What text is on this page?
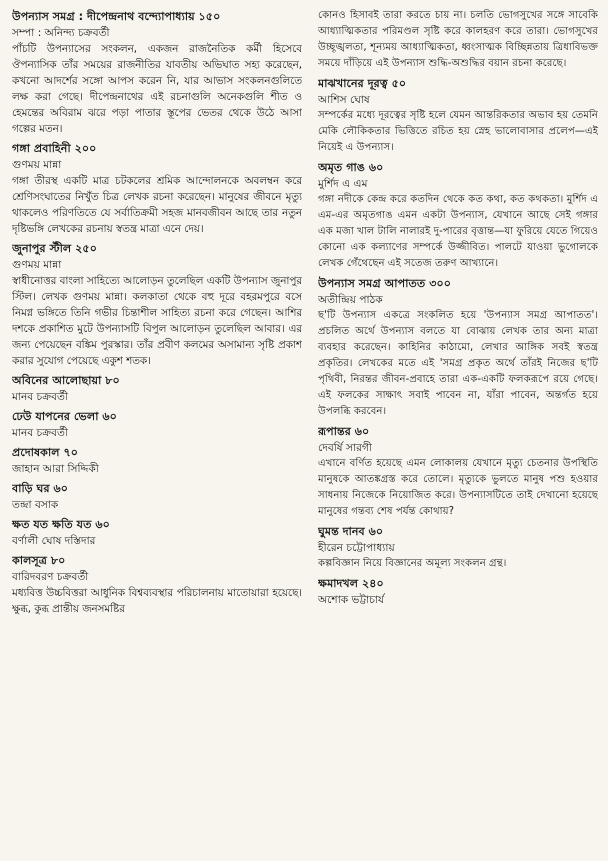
উপন্যাস সমগ্র : দীপেন্দ্রনাথ বন্দ্যোপাধ্যায় ১৫০

সম্পা : অনিন্দ্য চক্রবর্তী

পাঁচটি উপন্যাসের সংকলন, একজন রাজনৈতিক কর্মী হিসেবে ঔপন্যাসিক তাঁর সময়ের রাজনীতির যাবতীয় অভিঘাত সহ্য করেছেন, কখনো আদর্শের সঙ্গো আপস করেন নি, যার আভাস সংকলনগুলিতে লক্ষ করা গেছে। দীপেন্দ্রনাথের এই রচনাগুলি অনেকগুলি শীত ও হেমন্তের অবিরাম ঝরে পড়া পাতার স্তূপের ভেতর থেকে উঠে আসা গল্পের মতন।

গঙ্গা প্রবাহিনী ২০০

গুণময় মান্না

গঙ্গা তীরস্থ একটি মাত্র চটকলের শ্রমিক আন্দোলনকে অবলম্বন করে শ্রেণিসংঘাতের নিখুঁত চিত্র লেখক রচনা করেছেন। মানুষের জীবনে মৃত্যু থাকলেও পরিণতিতে যে সর্বাতিক্রমী সহজ মানবজীবন আছে তার নতুন দৃষ্টিভঙ্গি লেখকের রচনায় স্বতন্ত্র মাত্রা এনে দেয়।

জুনাপুর স্টীল ২৫০

গুণময় মান্না

স্বাধীনোত্তর বাংলা সাহিত্যে আলোড়ন তুলেছিল একটি উপন্যাস জুনাপুর স্টিল। লেখক গুণময় মান্না। কলকাতা থেকে বহু দূরে বহরমপুরে বসে নিমগ্ন ভঙ্গিতে তিনি গভীর চিন্তাশীল সাহিত্য রচনা করে গেছেন। আশির দশকে প্রকাশিত মুটে উপন্যাসটি বিপুল আলোড়ন তুলেছিল আবার। এর জন্য পেয়েছেন বঙ্কিম পুরস্কার। তাঁর প্রবীণ কলমের অসামান্য সৃষ্টি প্রকাশ করার সুযোগ পেয়েছে একুশ শতক।

অবিনের আলোছায়া ৮০

মানব চক্রবর্তী

ঢেউ যাপনের ভেলা ৬০

মানব চক্রবর্তী

প্রদোষকাল ৭০

জাহান আরা সিদ্দিকী

বাড়ি ঘর ৬০

তন্দ্রা বসাক

ক্ষত যত ক্ষতি যত ৬০

বর্ণালী ঘোষ দস্তিদার

কালসূত্র ৮০

বারিদবরণ চক্রবর্তী

মধ্যবিত্ত উচ্চবিত্তরা আধুনিক বিশ্বব্যবস্থার পরিচালনায় মাতোয়ারা হয়েছে। ক্ষুব্ধ, কুব্ধ প্রান্তীয় জনসমষ্টির

কোনও হিসাবই তারা করতে চায় না। চলতি ভোগসুখের সঙ্গে সাবেকি আধ্যাত্মিকতার পরিমণ্ডল সৃষ্টি করে কালহরণ করে তারা। ভোগসুখের উচ্ছৃঙ্খলতা, শূন্যময় আধ্যাত্মিকতা, ধ্বংসাত্মক বিচ্ছিন্নতায় ত্রিধাবিভক্ত সময়ে দাঁড়িয়ে এই উপন্যাস শুদ্ধি-অশুদ্ধির বয়ান রচনা করেছে।

মাঝখানের দূরত্ব ৫০

আশিস ঘোষ

সম্পর্কের মধ্যে দূরত্বের সৃষ্টি হলে যেমন আন্তরিকতার অভাব হয় তেমনি মেকি লৌকিকতার ভিত্তিতে রচিত হয় স্নেহ ভালোবাসার প্রলেপ—এই নিয়েই এ উপন্যাস।

অমৃত গাঙ ৬০

মুর্শিদ এ এম

গঙ্গা নদীকে কেন্দ্র করে কতদিন থেকে কত কথা, কত কথকতা। মুর্শিদ এ এম-এর অমৃতগাঙ এমন একটা উপন্যাস, যেখানে আছে সেই গঙ্গার এক মজা খাল টালি নালারই দু-পারের বৃত্তান্ত—যা ফুরিয়ে যেতে গিয়েও কোনো এক কল্যাণের সম্পর্কে উজ্জীবিত। পালটে যাওয়া ভুগোলকে লেখক গেঁথেছেন এই সতেজ তরুণ আখ্যানে।

উপন্যাস সমগ্র আপাতত ৩০০

অতীন্দ্রিয় পাঠক

ছ'টি উপন্যাস একত্রে সংকলিত হয়ে 'উপন্যাস সমগ্র আপাতত'। প্রচলিত অর্থে উপন্যাস বলতে যা বোঝায় লেখক তার অন্য মাত্রা ব্যবহার করেছেন। কাহিনির কাঠামো, লেখার আঙ্গিক সবই স্বতন্ত্র প্রকৃতির। লেখকের মতে এই 'সমগ্র প্রকৃত অর্থে তাঁরই নিজের ছ'টি পৃথিবী, নিরন্তর জীবন-প্রবাহে তারা এক-একটি ফলকরূপে রয়ে গেছে। এই ফলকের সাক্ষাৎ সবাই পাবেন না, যাঁরা পাবেন, অন্তর্গত হয়ে উপলব্ধি করবেন।

রূপান্তর ৬০

দেবর্ষি সারগী

এখানে বর্ণিত হয়েছে এমন লোকালয় যেখানে মৃত্যু চেতনার উপস্থিতি মানুষকে আতঙ্কগ্রস্ত করে তোলে। মৃত্যুকে ভুলতে মানুষ পশু হওয়ার সাধনায় নিজেকে নিয়োজিত করে। উপন্যাসটিতে তাই দেখানো হয়েছে মানুষের গন্তব্য শেষ পর্যন্ত কোথায়?

ঘুমন্ত দানব ৬০

হীরেন চট্টোপাধ্যায়

কল্পবিজ্ঞান নিয়ে বিজ্ঞানের অমূল্য সংকলন গ্রন্থ।

ক্ষমাদখল ২৪০

অশোক ভট্টাচার্য
